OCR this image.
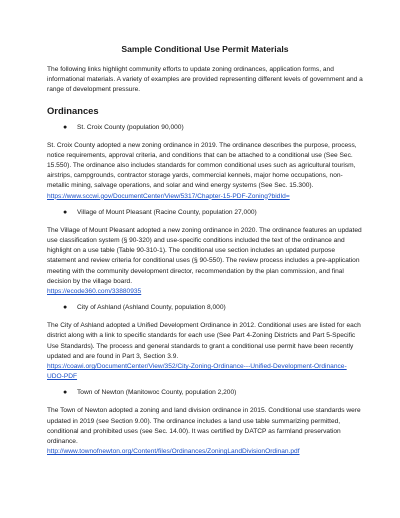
Sample Conditional Use Permit Materials

The following links highlight community efforts to update zoning ordinances, application forms, and informational materials. A variety of examples are provided representing different levels of government and a range of development pressure.

Ordinances
●	St. Croix County (population 90,000)

St. Croix County adopted a new zoning ordinance in 2019. The ordinance describes the purpose, process, notice requirements, approval criteria, and conditions that can be attached to a conditional use (See Sec. 15.550). The ordinance also includes standards for common conditional uses such as agricultural tourism, airstrips, campgrounds, contractor storage yards, commercial kennels, major home occupations, non-metallic mining, salvage operations, and solar and wind energy systems (See Sec. 15.300).

https://www.sccwi.gov/DocumentCenter/View/5317/Chapter-15-PDF-Zoning?bidId=

●	Village of Mount Pleasant (Racine County, population 27,000)

The Village of Mount Pleasant adopted a new zoning ordinance in 2020. The ordinance features an updated use classification system (§ 90-320) and use-specific conditions included the text of the ordinance and highlight on a use table (Table 90-310-1). The conditional use section includes an updated purpose statement and review criteria for conditional uses (§ 90-550). The review process includes a pre-application meeting with the community development director, recommendation by the plan commission, and final decision by the village board.

https://ecode360.com/33880935

●	City of Ashland (Ashland County, population 8,000)

The City of Ashland adopted a Unified Development Ordinance in 2012. Conditional uses are listed for each district along with a link to specific standards for each use (See Part 4-Zoning Districts and Part 5-Specific Use Standards). The process and general standards to grant a conditional use permit have been recently updated and are found in Part 3, Section 3.9.

https://coawi.org/DocumentCenter/View/352/City-Zoning-Ordinance---Unified-Development-Ordinance-UDO-PDF

●	Town of Newton (Manitowoc County, population 2,200)

The Town of Newton adopted a zoning and land division ordinance in 2015. Conditional use standards were updated in 2019 (see Section 9.00). The ordinance includes a land use table summarizing permitted, conditional and prohibited uses (see Sec. 14.00). It was certified by DATCP as farmland preservation ordinance.

http://www.townofnewton.org/Content/files/Ordinances/ZoningLandDivisionOrdinan.pdf
